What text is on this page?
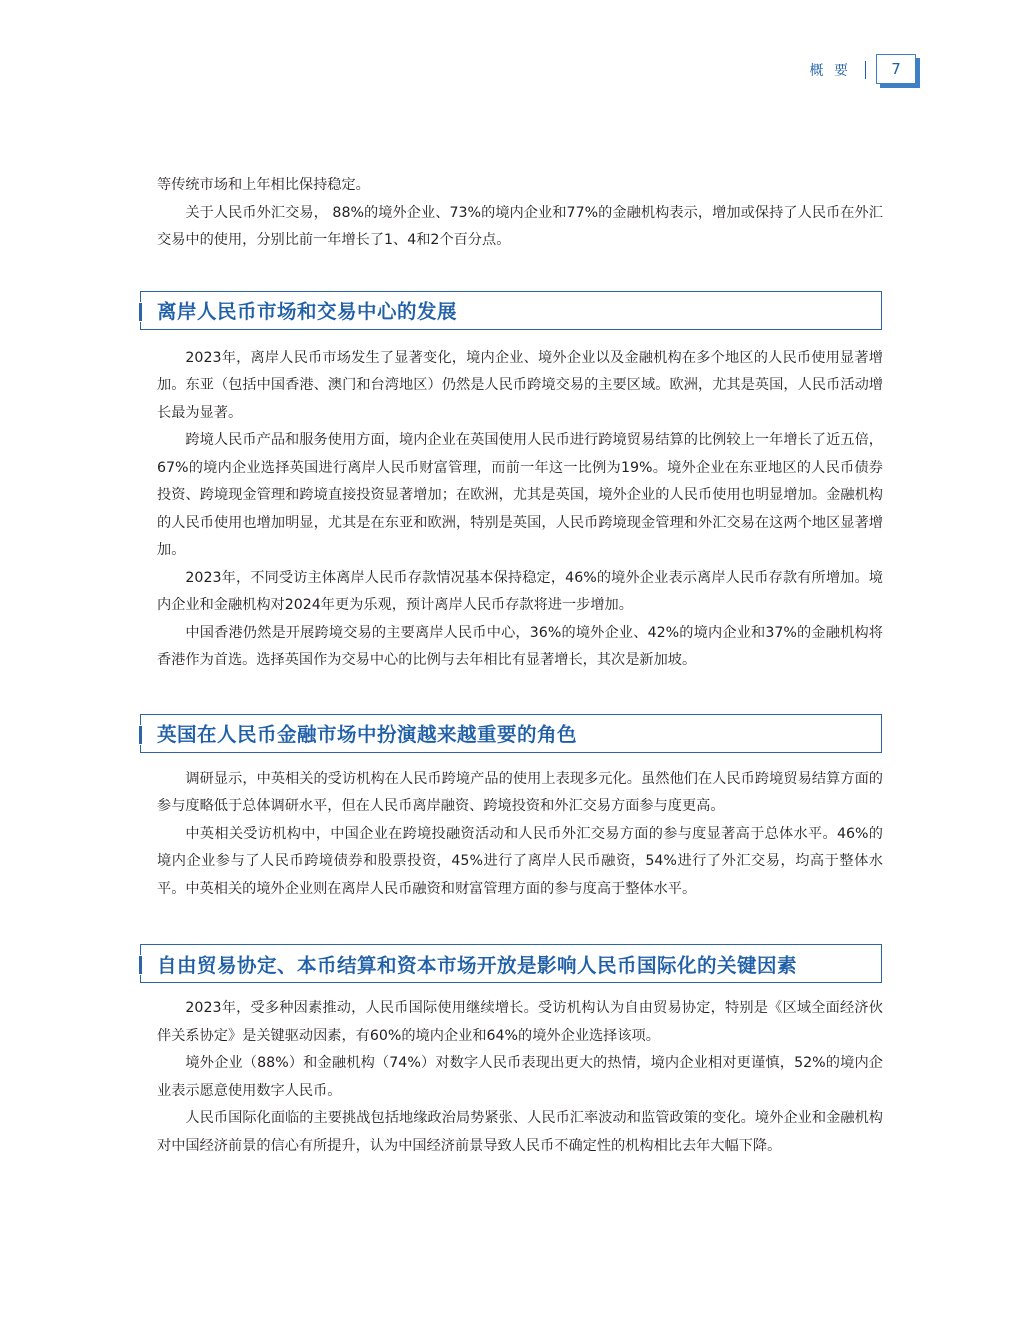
概 要	7

等传统市场和上年相比保持稳定。

关于人民币外汇交易， 88%的境外企业、73%的境内企业和77%的金融机构表示，增加或保持了人民币在外汇交易中的使用，分别比前一年增长了1、4和2个百分点。

离岸人民币市场和交易中心的发展

2023年，离岸人民币市场发生了显著变化，境内企业、境外企业以及金融机构在多个地区的人民币使用显著增加。东亚（包括中国香港、澳门和台湾地区）仍然是人民币跨境交易的主要区域。欧洲，尤其是英国，人民币活动增长最为显著。

跨境人民币产品和服务使用方面，境内企业在英国使用人民币进行跨境贸易结算的比例较上一年增长了近五倍，67%的境内企业选择英国进行离岸人民币财富管理，而前一年这一比例为19%。境外企业在东亚地区的人民币债券投资、跨境现金管理和跨境直接投资显著增加；在欧洲，尤其是英国，境外企业的人民币使用也明显增加。金融机构的人民币使用也增加明显，尤其是在东亚和欧洲，特别是英国，人民币跨境现金管理和外汇交易在这两个地区显著增加。

2023年，不同受访主体离岸人民币存款情况基本保持稳定，46%的境外企业表示离岸人民币存款有所增加。境内企业和金融机构对2024年更为乐观，预计离岸人民币存款将进一步增加。

中国香港仍然是开展跨境交易的主要离岸人民币中心，36%的境外企业、42%的境内企业和37%的金融机构将香港作为首选。选择英国作为交易中心的比例与去年相比有显著增长，其次是新加坡。

英国在人民币金融市场中扮演越来越重要的角色

调研显示，中英相关的受访机构在人民币跨境产品的使用上表现多元化。虽然他们在人民币跨境贸易结算方面的参与度略低于总体调研水平，但在人民币离岸融资、跨境投资和外汇交易方面参与度更高。

中英相关受访机构中，中国企业在跨境投融资活动和人民币外汇交易方面的参与度显著高于总体水平。46%的境内企业参与了人民币跨境债券和股票投资，45%进行了离岸人民币融资，54%进行了外汇交易，均高于整体水平。中英相关的境外企业则在离岸人民币融资和财富管理方面的参与度高于整体水平。

自由贸易协定、本币结算和资本市场开放是影响人民币国际化的关键因素

2023年，受多种因素推动，人民币国际使用继续增长。受访机构认为自由贸易协定，特别是《区域全面经济伙伴关系协定》是关键驱动因素，有60%的境内企业和64%的境外企业选择该项。

境外企业（88%）和金融机构（74%）对数字人民币表现出更大的热情，境内企业相对更谨慎，52%的境内企业表示愿意使用数字人民币。

人民币国际化面临的主要挑战包括地缘政治局势紧张、人民币汇率波动和监管政策的变化。境外企业和金融机构对中国经济前景的信心有所提升，认为中国经济前景导致人民币不确定性的机构相比去年大幅下降。
